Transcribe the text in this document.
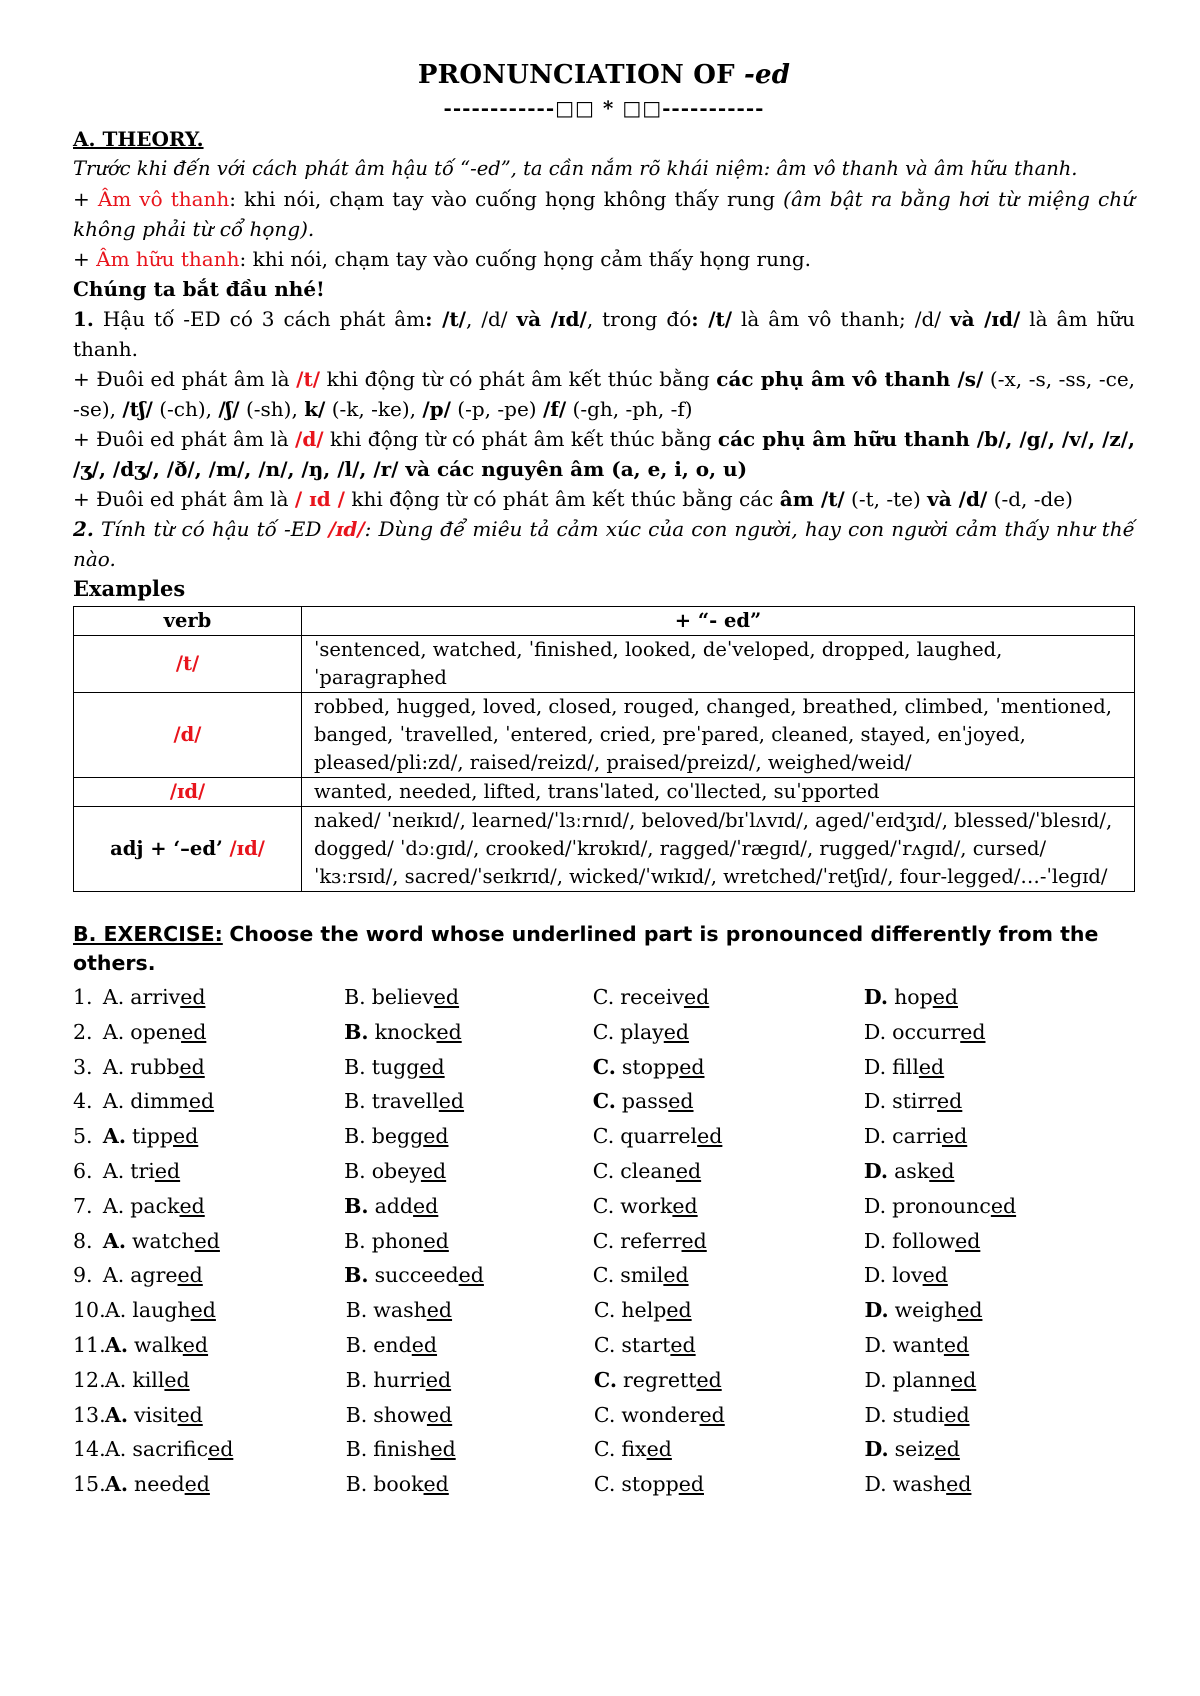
PRONUNCIATION OF -ed
------------□□ * □□-----------

A. THEORY.

Trước khi đến với cách phát âm hậu tố “-ed”, ta cần nắm rõ khái niệm: âm vô thanh và âm hữu thanh.

+ Âm vô thanh: khi nói, chạm tay vào cuống họng không thấy rung (âm bật ra bằng hơi từ miệng chứ không phải từ cổ họng).

+ Âm hữu thanh: khi nói, chạm tay vào cuống họng cảm thấy họng rung.

Chúng ta bắt đầu nhé!

1. Hậu tố -ED có 3 cách phát âm: /t/, /d/ và /ɪd/, trong đó: /t/ là âm vô thanh; /d/ và /ɪd/ là âm hữu thanh.

+ Đuôi ed phát âm là /t/ khi động từ có phát âm kết thúc bằng các phụ âm vô thanh /s/ (-x, -s, -ss, -ce, -se), /tʃ/ (-ch), /ʃ/ (-sh), k/ (-k, -ke), /p/ (-p, -pe) /f/ (-gh, -ph, -f)

+ Đuôi ed phát âm là /d/ khi động từ có phát âm kết thúc bằng các phụ âm hữu thanh /b/, /g/, /v/, /z/, /ʒ/, /dʒ/, /ð/, /m/, /n/, /ŋ, /l/, /r/ và các nguyên âm (a, e, i, o, u)

+ Đuôi ed phát âm là / ɪd / khi động từ có phát âm kết thúc bằng các âm /t/ (-t, -te) và /d/ (-d, -de)

2. Tính từ có hậu tố -ED /ɪd/: Dùng để miêu tả cảm xúc của con người, hay con người cảm thấy như thế nào.

Examples

verb	+ “- ed”
/t/	ˈsentenced, watched, ˈfinished, looked, deˈveloped, dropped, laughed, ˈparagraphed
/d/	robbed, hugged, loved, closed, rouged, changed, breathed, climbed, ˈmentioned, banged, ˈtravelled, ˈentered, cried, preˈpared, cleaned, stayed, enˈjoyed, pleased/pli:zd/, raised/reizd/, praised/preizd/, weighed/weid/
/ɪd/	wanted, needed, lifted, transˈlated, coˈllected, suˈpported
adj + ‘–ed’ /ɪd/	naked/ ˈneɪkɪd/, learned/ˈlɜːrnɪd/, beloved/bɪˈlʌvɪd/, aged/ˈeɪdʒɪd/, blessed/ˈblesɪd/, dogged/ ˈdɔːɡɪd/, crooked/ˈkrʊkɪd/, ragged/ˈræɡɪd/, rugged/ˈrʌɡɪd/, cursed/ˈkɜːrsɪd/, sacred/ˈseɪkrɪd/, wicked/ˈwɪkɪd/, wretched/ˈretʃɪd/, four-legged/…-ˈleɡɪd/

B. EXERCISE: Choose the word whose underlined part is pronounced differently from the others.

1. A. arrived	B. believed	C. received	D. hoped
2. A. opened	B. knocked	C. played	D. occurred
3. A. rubbed	B. tugged	C. stopped	D. filled
4. A. dimmed	B. travelled	C. passed	D. stirred
5. A. tipped	B. begged	C. quarreled	D. carried
6. A. tried	B. obeyed	C. cleaned	D. asked
7. A. packed	B. added	C. worked	D. pronounced
8. A. watched	B. phoned	C. referred	D. followed
9. A. agreed	B. succeeded	C. smiled	D. loved
10. A. laughed	B. washed	C. helped	D. weighed
11. A. walked	B. ended	C. started	D. wanted
12. A. killed	B. hurried	C. regretted	D. planned
13. A. visited	B. showed	C. wondered	D. studied
14. A. sacrificed	B. finished	C. fixed	D. seized
15. A. needed	B. booked	C. stopped	D. washed
